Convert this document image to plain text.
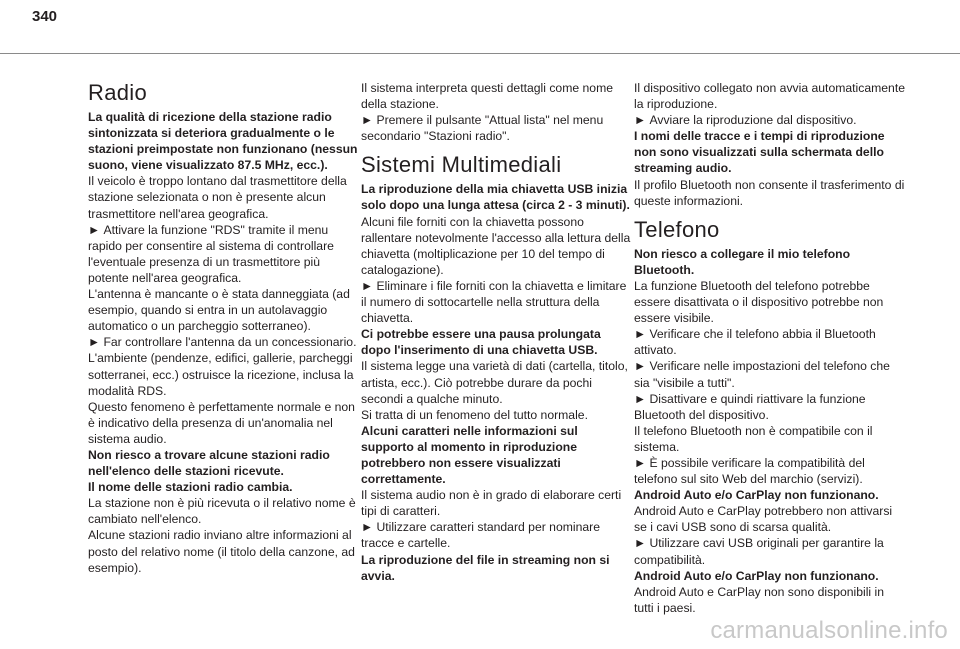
340
Radio
La qualità di ricezione della stazione radio sintonizzata si deteriora gradualmente o le stazioni preimpostate non funzionano (nessun suono, viene visualizzato 87.5 MHz, ecc.).
Il veicolo è troppo lontano dal trasmettitore della stazione selezionata o non è presente alcun trasmettitore nell'area geografica.
► Attivare la funzione "RDS" tramite il menu rapido per consentire al sistema di controllare l'eventuale presenza di un trasmettitore più potente nell'area geografica.
L'antenna è mancante o è stata danneggiata (ad esempio, quando si entra in un autolavaggio automatico o un parcheggio sotterraneo).
► Far controllare l'antenna da un concessionario.
L'ambiente (pendenze, edifici, gallerie, parcheggi sotterranei, ecc.) ostruisce la ricezione, inclusa la modalità RDS.
Questo fenomeno è perfettamente normale e non è indicativo della presenza di un'anomalia nel sistema audio.
Non riesco a trovare alcune stazioni radio nell'elenco delle stazioni ricevute.
Il nome delle stazioni radio cambia.
La stazione non è più ricevuta o il relativo nome è cambiato nell'elenco.
Alcune stazioni radio inviano altre informazioni al posto del relativo nome (il titolo della canzone, ad esempio).
Il sistema interpreta questi dettagli come nome della stazione.
► Premere il pulsante "Attual lista" nel menu secondario "Stazioni radio".
Sistemi Multimediali
La riproduzione della mia chiavetta USB inizia solo dopo una lunga attesa (circa 2 - 3 minuti).
Alcuni file forniti con la chiavetta possono rallentare notevolmente l'accesso alla lettura della chiavetta (moltiplicazione per 10 del tempo di catalogazione).
► Eliminare i file forniti con la chiavetta e limitare il numero di sottocartelle nella struttura della chiavetta.
Ci potrebbe essere una pausa prolungata dopo l'inserimento di una chiavetta USB.
Il sistema legge una varietà di dati (cartella, titolo, artista, ecc.). Ciò potrebbe durare da pochi secondi a qualche minuto.
Si tratta di un fenomeno del tutto normale.
Alcuni caratteri nelle informazioni sul supporto al momento in riproduzione potrebbero non essere visualizzati correttamente.
Il sistema audio non è in grado di elaborare certi tipi di caratteri.
► Utilizzare caratteri standard per nominare tracce e cartelle.
La riproduzione del file in streaming non si avvia.
Il dispositivo collegato non avvia automaticamente la riproduzione.
► Avviare la riproduzione dal dispositivo.
I nomi delle tracce e i tempi di riproduzione non sono visualizzati sulla schermata dello streaming audio.
Il profilo Bluetooth non consente il trasferimento di queste informazioni.
Telefono
Non riesco a collegare il mio telefono Bluetooth.
La funzione Bluetooth del telefono potrebbe essere disattivata o il dispositivo potrebbe non essere visibile.
► Verificare che il telefono abbia il Bluetooth attivato.
► Verificare nelle impostazioni del telefono che sia "visibile a tutti".
► Disattivare e quindi riattivare la funzione Bluetooth del dispositivo.
Il telefono Bluetooth non è compatibile con il sistema.
► È possibile verificare la compatibilità del telefono sul sito Web del marchio (servizi).
Android Auto e/o CarPlay non funzionano.
Android Auto e CarPlay potrebbero non attivarsi se i cavi USB sono di scarsa qualità.
► Utilizzare cavi USB originali per garantire la compatibilità.
Android Auto e/o CarPlay non funzionano.
Android Auto e CarPlay non sono disponibili in tutti i paesi.
carmanualsonline.info
